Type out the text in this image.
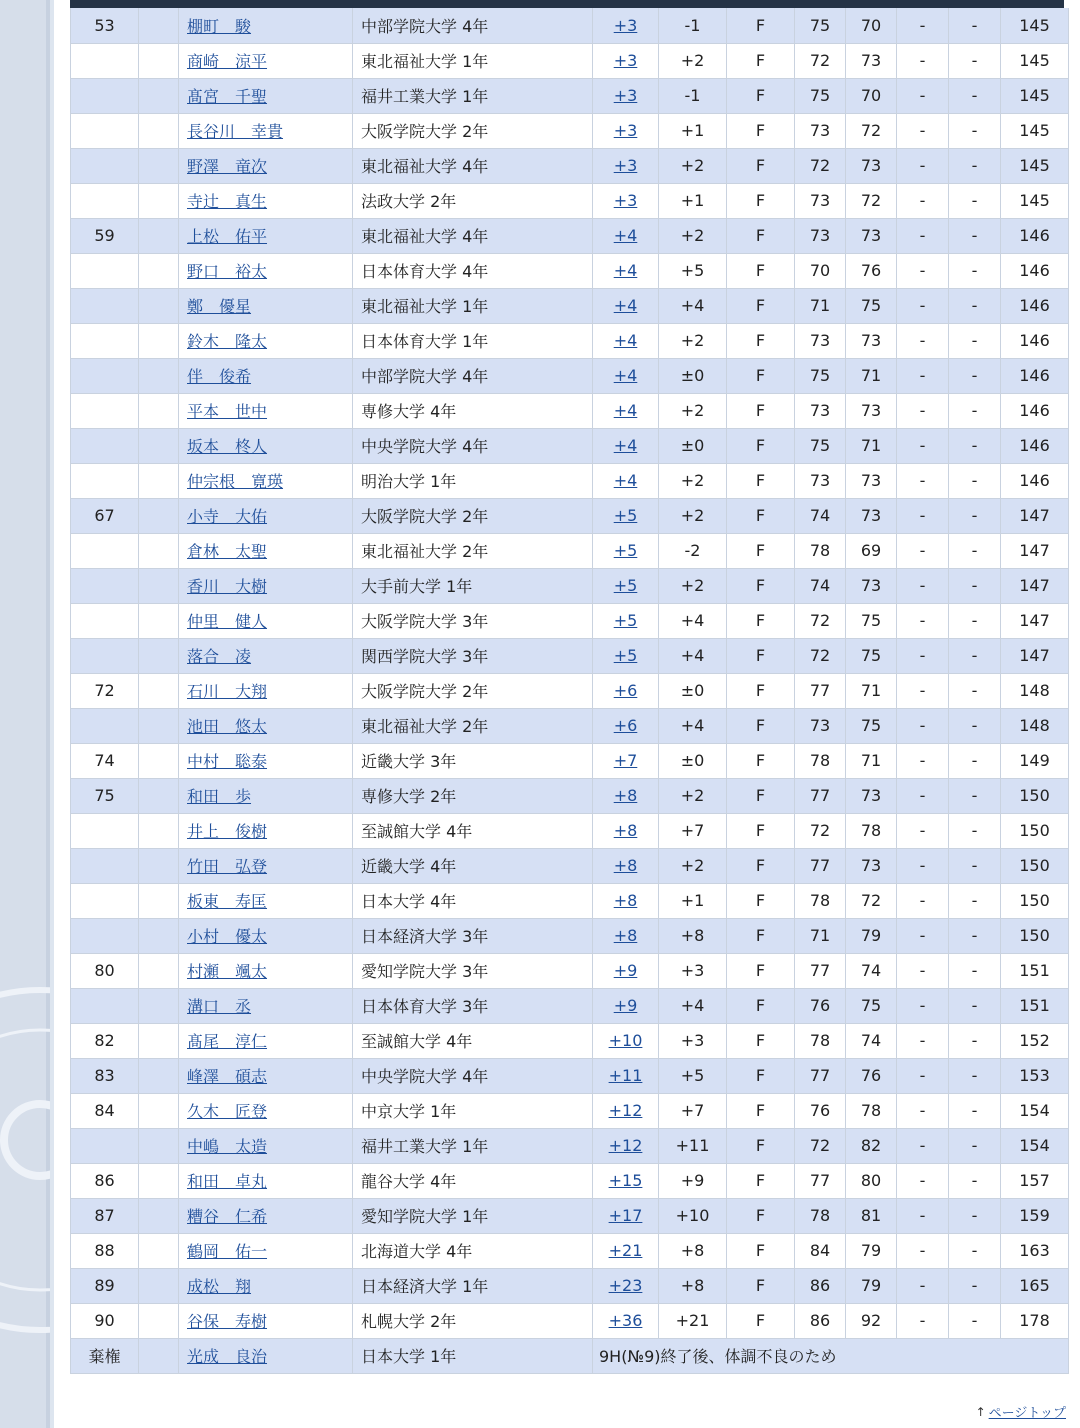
53		棚町　駿	中部学院大学 4年	+3	-1	F	75	70	-	-	145
		商崎　涼平	東北福祉大学 1年	+3	+2	F	72	73	-	-	145
		髙宮　千聖	福井工業大学 1年	+3	-1	F	75	70	-	-	145
		長谷川　幸貴	大阪学院大学 2年	+3	+1	F	73	72	-	-	145
		野澤　竜次	東北福祉大学 4年	+3	+2	F	72	73	-	-	145
		寺辻　真生	法政大学 2年	+3	+1	F	73	72	-	-	145
59		上松　佑平	東北福祉大学 4年	+4	+2	F	73	73	-	-	146
		野口　裕太	日本体育大学 4年	+4	+5	F	70	76	-	-	146
		鄭　優星	東北福祉大学 1年	+4	+4	F	71	75	-	-	146
		鈴木　隆太	日本体育大学 1年	+4	+2	F	73	73	-	-	146
		伴　俊希	中部学院大学 4年	+4	±0	F	75	71	-	-	146
		平本　世中	専修大学 4年	+4	+2	F	73	73	-	-	146
		坂本　柊人	中央学院大学 4年	+4	±0	F	75	71	-	-	146
		仲宗根　寛瑛	明治大学 1年	+4	+2	F	73	73	-	-	146
67		小寺　大佑	大阪学院大学 2年	+5	+2	F	74	73	-	-	147
		倉林　太聖	東北福祉大学 2年	+5	-2	F	78	69	-	-	147
		香川　大樹	大手前大学 1年	+5	+2	F	74	73	-	-	147
		仲里　健人	大阪学院大学 3年	+5	+4	F	72	75	-	-	147
		落合　凌	関西学院大学 3年	+5	+4	F	72	75	-	-	147
72		石川　大翔	大阪学院大学 2年	+6	±0	F	77	71	-	-	148
		池田　悠太	東北福祉大学 2年	+6	+4	F	73	75	-	-	148
74		中村　聡泰	近畿大学 3年	+7	±0	F	78	71	-	-	149
75		和田　歩	専修大学 2年	+8	+2	F	77	73	-	-	150
		井上　俊樹	至誠館大学 4年	+8	+7	F	72	78	-	-	150
		竹田　弘登	近畿大学 4年	+8	+2	F	77	73	-	-	150
		板東　寿匡	日本大学 4年	+8	+1	F	78	72	-	-	150
		小村　優太	日本経済大学 3年	+8	+8	F	71	79	-	-	150
80		村瀬　颯太	愛知学院大学 3年	+9	+3	F	77	74	-	-	151
		溝口　丞	日本体育大学 3年	+9	+4	F	76	75	-	-	151
82		髙尾　淳仁	至誠館大学 4年	+10	+3	F	78	74	-	-	152
83		峰澤　碩志	中央学院大学 4年	+11	+5	F	77	76	-	-	153
84		久木　匠登	中京大学 1年	+12	+7	F	76	78	-	-	154
		中嶋　太造	福井工業大学 1年	+12	+11	F	72	82	-	-	154
86		和田　卓丸	龍谷大学 4年	+15	+9	F	77	80	-	-	157
87		糟谷　仁希	愛知学院大学 1年	+17	+10	F	78	81	-	-	159
88		鶴岡　佑一	北海道大学 4年	+21	+8	F	84	79	-	-	163
89		成松　翔	日本経済大学 1年	+23	+8	F	86	79	-	-	165
90		谷保　寿樹	札幌大学 2年	+36	+21	F	86	92	-	-	178
棄権		光成　良治	日本大学 1年	9H(№9)終了後、体調不良のため							
↑ ページトップ
